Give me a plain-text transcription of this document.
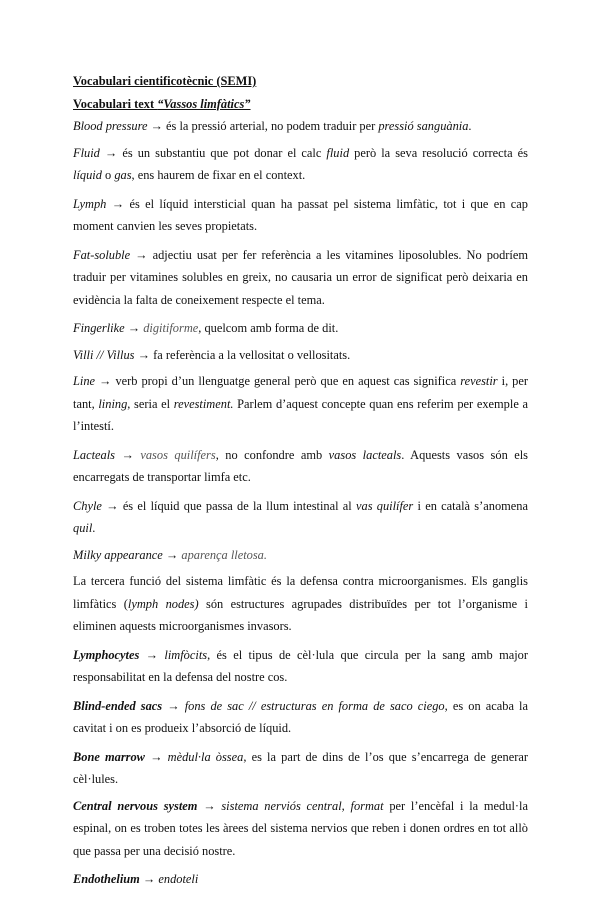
Vocabulari cientificotècnic (SEMI)

Vocabulari text “Vassos limfàtics”

Blood pressure → és la pressió arterial, no podem traduir per pressió sanguània.

Fluid → és un substantiu que pot donar el calc fluid però la seva resolució correcta és líquid o gas, ens haurem de fixar en el context.

Lymph → és el líquid intersticial quan ha passat pel sistema limfàtic, tot i que en cap moment canvien les seves propietats.

Fat-soluble → adjectiu usat per fer referència a les vitamines liposolubles. No podríem traduir per vitamines solubles en greix, no causaria un error de significat però deixaria en evidència la falta de coneixement respecte el tema.

Fingerlike → digitiforme, quelcom amb forma de dit.

Villi // Villus → fa referència a la vellositat o vellositats.

Line → verb propi d’un llenguatge general però que en aquest cas significa revestir i, per tant, lining, seria el revestiment. Parlem d’aquest concepte quan ens referim per exemple a l’intestí.

Lacteals → vasos quilífers, no confondre amb vasos lacteals. Aquests vasos són els encarregats de transportar limfa etc.

Chyle → és el líquid que passa de la llum intestinal al vas quilífer i en català s’anomena quil.

Milky appearance → aparença lletosa.

La tercera funció del sistema limfàtic és la defensa contra microorganismes. Els ganglis limfàtics (lymph nodes) són estructures agrupades distribuïdes per tot l’organisme i eliminen aquests microorganismes invasors.

Lymphocytes → limfòcits, és el tipus de cèl·lula que circula per la sang amb major responsabilitat en la defensa del nostre cos.

Blind-ended sacs → fons de sac // estructuras en forma de saco ciego, es on acaba la cavitat i on es produeix l’absorció de líquid.

Bone marrow → mèdul·la òssea, es la part de dins de l’os que s’encarrega de generar cèl·lules.

Central nervous system → sistema nerviós central, format per l’encèfal i la medul·la espinal, on es troben totes les àrees del sistema nervios que reben i donen ordres en tot allò que passa per una decisió nostre.

Endothelium → endoteli
